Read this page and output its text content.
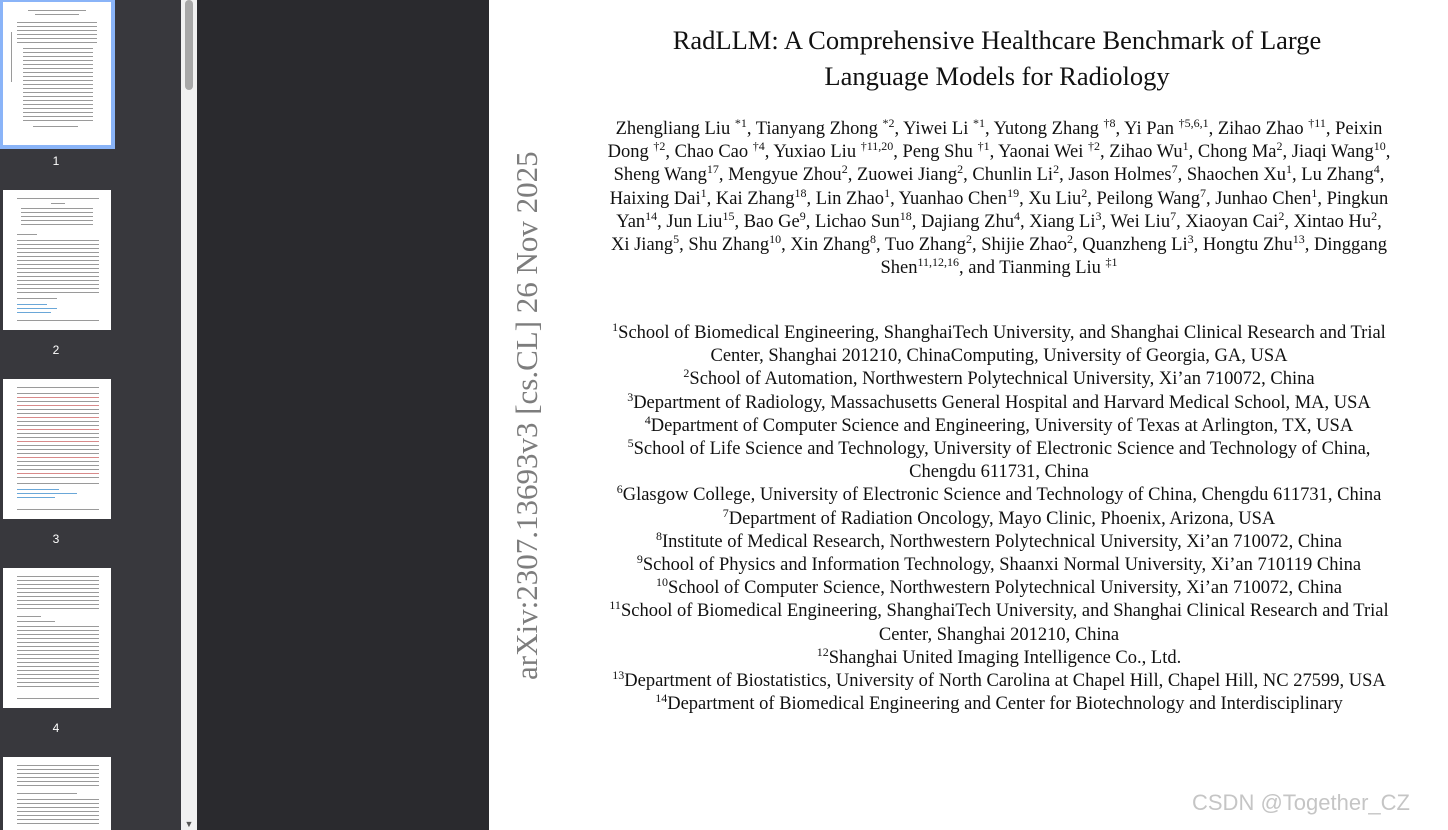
1
2
3
4
▼
arXiv:2307.13693v3 [cs.CL] 26 Nov 2025
RadLLM: A Comprehensive Healthcare Benchmark of Large
Language Models for Radiology
Zhengliang Liu $^{*1}$, Tianyang Zhong $^{*2}$, Yiwei Li $^{*1}$, Yutong Zhang $^{\dagger 8}$, Yi Pan $^{\dagger 5,6,1}$, Zihao Zhao $^{\dagger 11}$, Peixin Dong $^{\dagger 2}$, Chao Cao $^{\dagger 4}$, Yuxiao Liu $^{\dagger 11,20}$, Peng Shu $^{\dagger 1}$, Yaonai Wei $^{\dagger 2}$, Zihao Wu$^1$, Chong Ma$^2$, Jiaqi Wang$^{10}$, Sheng Wang$^{17}$, Mengyue Zhou$^2$, Zuowei Jiang$^2$, Chunlin Li$^2$, Jason Holmes$^7$, Shaochen Xu$^1$, Lu Zhang$^4$, Haixing Dai$^1$, Kai Zhang$^{18}$, Lin Zhao$^1$, Yuanhao Chen$^{19}$, Xu Liu$^2$, Peilong Wang$^7$, Junhao Chen$^1$, Pingkun Yan$^{14}$, Jun Liu$^{15}$, Bao Ge$^9$, Lichao Sun$^{18}$, Dajiang Zhu$^4$, Xiang Li$^3$, Wei Liu$^7$, Xiaoyan Cai$^2$, Xintao Hu$^2$, Xi Jiang$^5$, Shu Zhang$^{10}$, Xin Zhang$^8$, Tuo Zhang$^2$, Shijie Zhao$^2$, Quanzheng Li$^3$, Hongtu Zhu$^{13}$, Dinggang Shen$^{11,12,16}$, and Tianming Liu $^{\ddagger 1}$
$^1$School of Biomedical Engineering, ShanghaiTech University, and Shanghai Clinical Research and Trial Center, Shanghai 201210, ChinaComputing, University of Georgia, GA, USA
$^2$School of Automation, Northwestern Polytechnical University, Xi’an 710072, China
$^3$Department of Radiology, Massachusetts General Hospital and Harvard Medical School, MA, USA
$^4$Department of Computer Science and Engineering, University of Texas at Arlington, TX, USA
$^5$School of Life Science and Technology, University of Electronic Science and Technology of China, Chengdu 611731, China
$^6$Glasgow College, University of Electronic Science and Technology of China, Chengdu 611731, China
$^7$Department of Radiation Oncology, Mayo Clinic, Phoenix, Arizona, USA
$^8$Institute of Medical Research, Northwestern Polytechnical University, Xi’an 710072, China
$^9$School of Physics and Information Technology, Shaanxi Normal University, Xi’an 710119 China
$^{10}$School of Computer Science, Northwestern Polytechnical University, Xi’an 710072, China
$^{11}$School of Biomedical Engineering, ShanghaiTech University, and Shanghai Clinical Research and Trial Center, Shanghai 201210, China
$^{12}$Shanghai United Imaging Intelligence Co., Ltd.
$^{13}$Department of Biostatistics, University of North Carolina at Chapel Hill, Chapel Hill, NC 27599, USA
$^{14}$Department of Biomedical Engineering and Center for Biotechnology and Interdisciplinary
CSDN @Together_CZ
